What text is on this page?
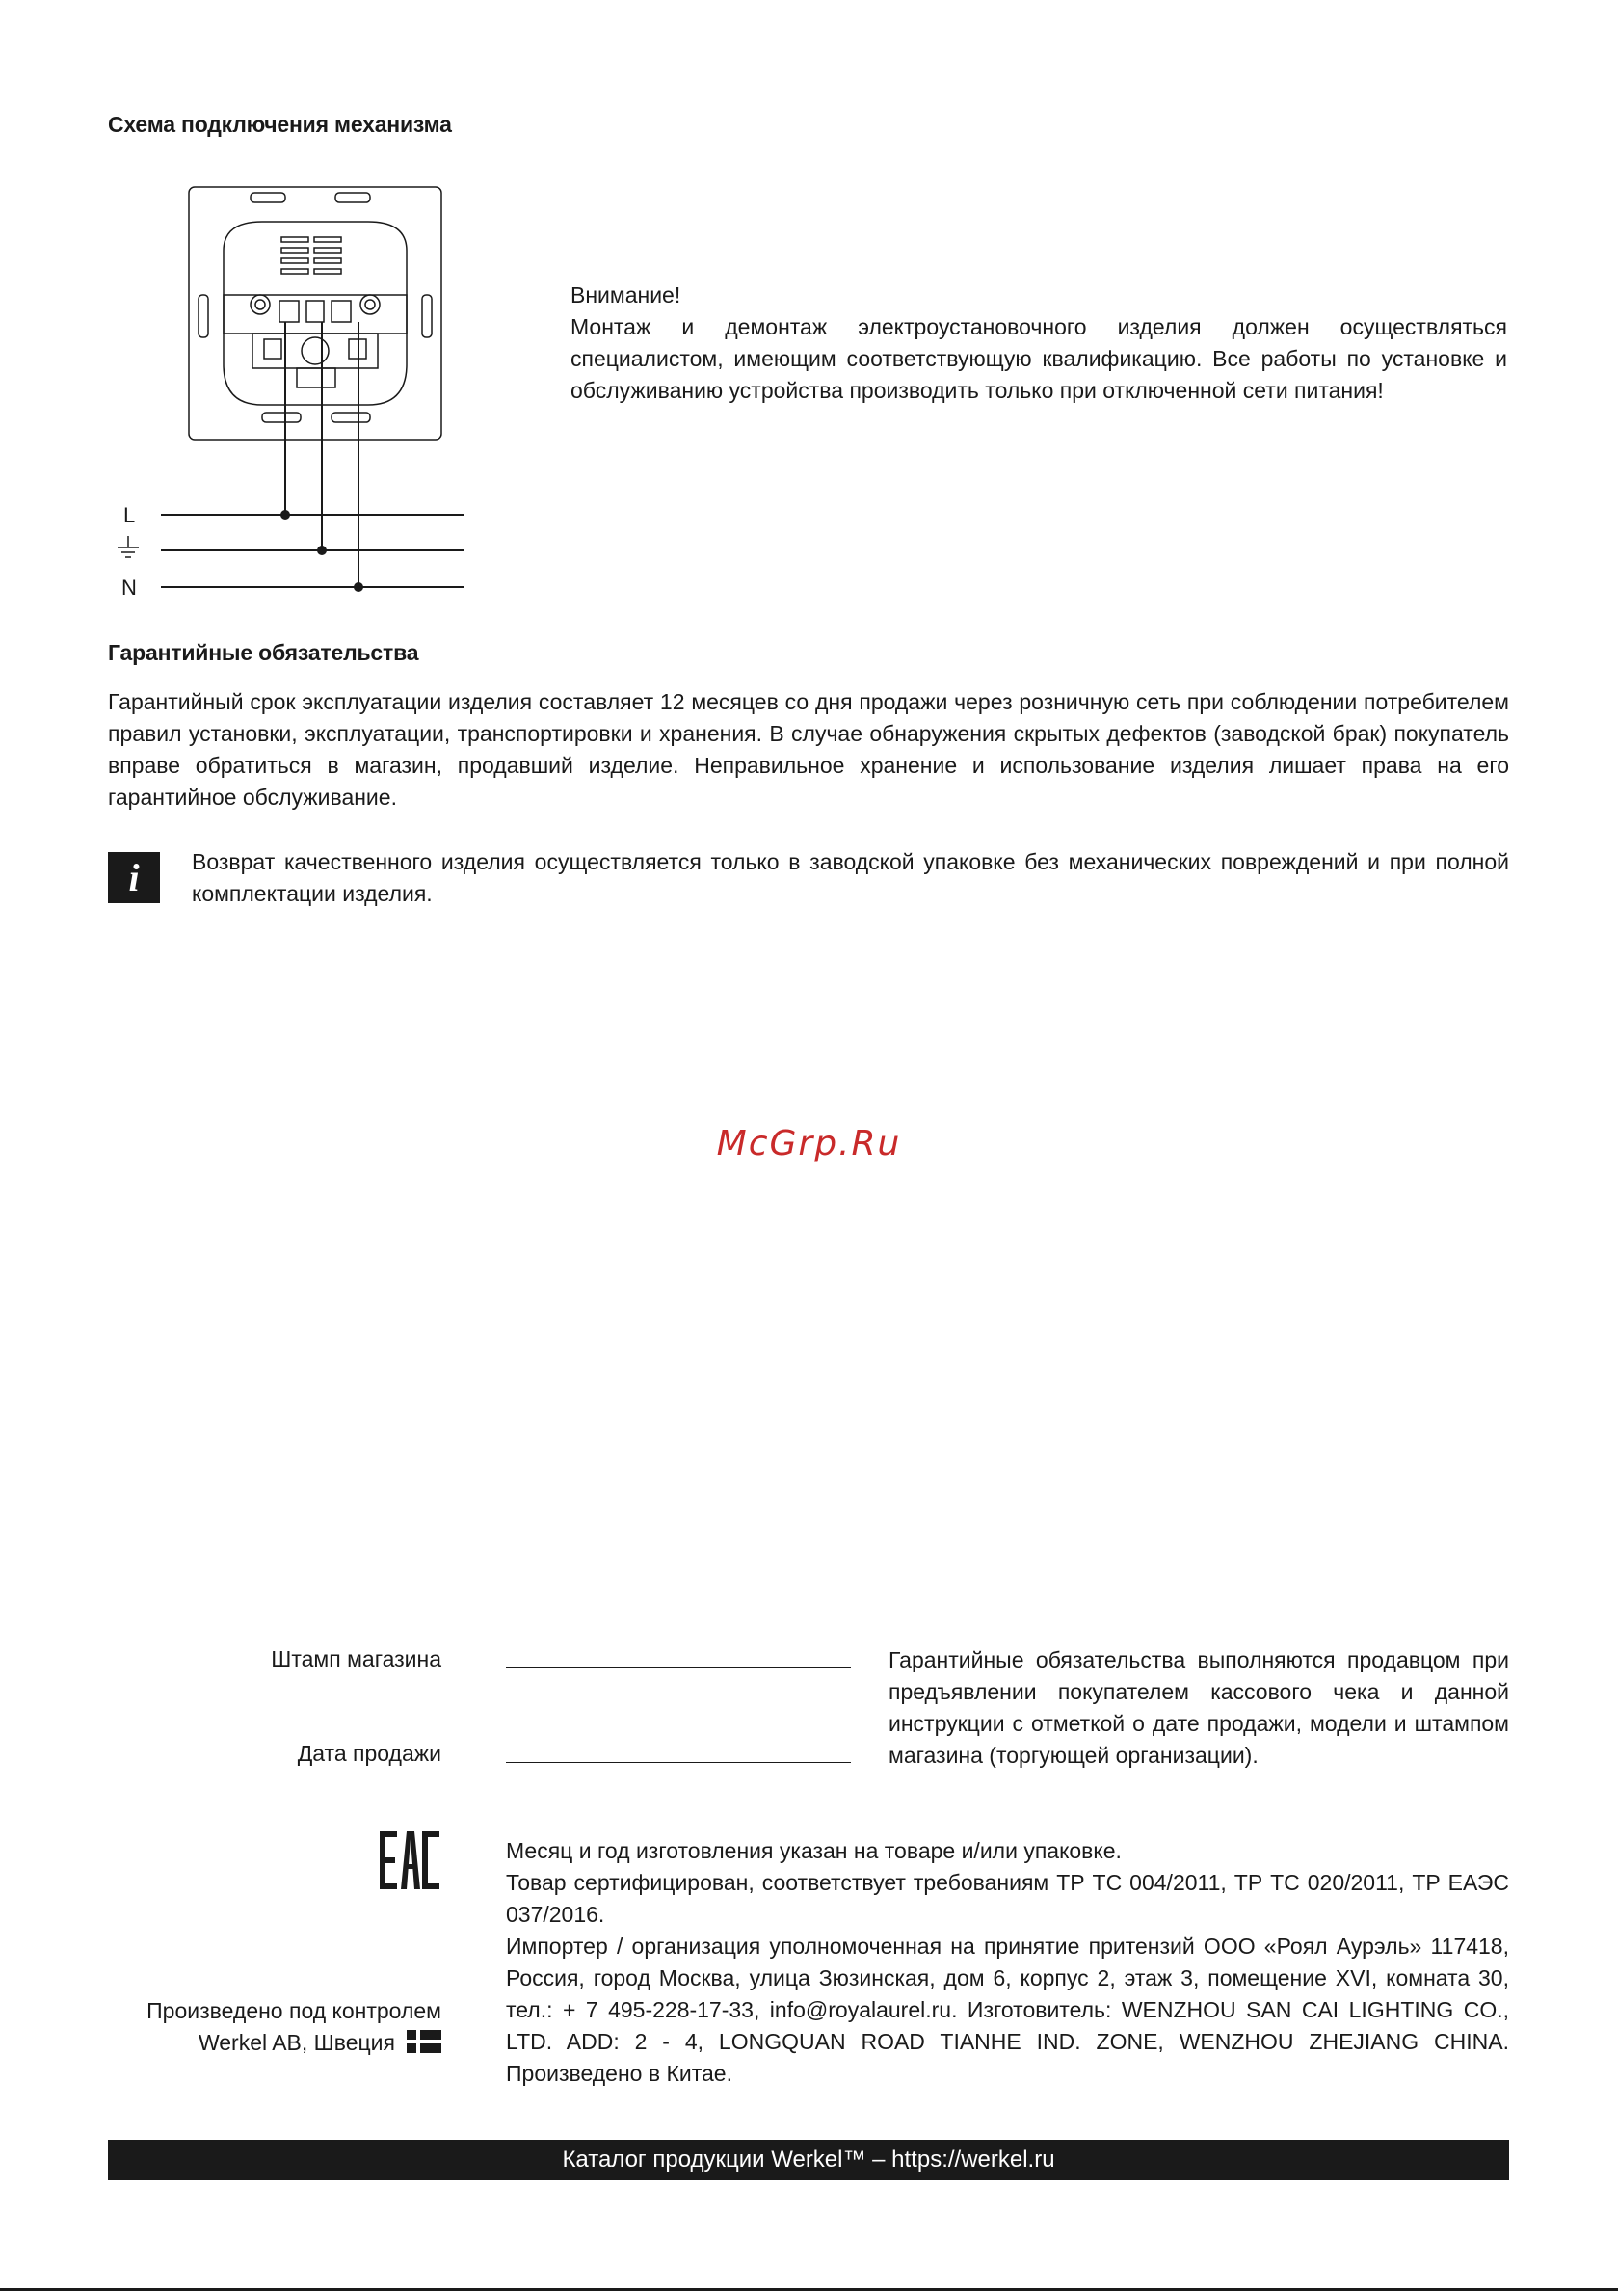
Схема подключения механизма
L
N
Внимание!
Монтаж и демонтаж электроустановочного изделия должен осуществляться специалистом, имеющим соответствующую квалификацию. Все работы по установке и обслуживанию устройства производить только при отключенной сети питания!
Гарантийные обязательства
Гарантийный срок эксплуатации изделия составляет 12 месяцев со дня продажи через розничную сеть при соблюдении потребителем правил установки, эксплуатации, транспортировки и хранения. В случае обнаружения скрытых дефектов (заводской брак) покупатель вправе обратиться в магазин, продавший изделие. Неправильное хранение и использование изделия лишает права на его гарантийное обслуживание.
i	Возврат качественного изделия осуществляется только в заводской упаковке без механических повреждений и при полной комплектации изделия.
McGrp.Ru
Штамп магазина
Дата продажи
Гарантийные обязательства выполняются продавцом при предъявлении покупателем кассового чека и данной инструкции с отметкой о дате продажи, модели и штампом магазина (торгующей организации).
Месяц и год изготовления указан на товаре и/или упаковке.
Товар сертифицирован, соответствует требованиям ТР ТС 004/2011, ТР ТС 020/2011, ТР ЕАЭС 037/2016.
Импортер / организация уполномоченная на принятие притензий ООО «Роял Аурэль» 117418, Россия, город Москва, улица Зюзинская, дом 6, корпус 2, этаж 3, помещение XVI, комната 30, тел.: + 7 495-228-17-33, info@royalaurel.ru. Изготовитель: WENZHOU SAN CAI LIGHTING CO., LTD. ADD: 2 - 4, LONGQUAN ROAD TIANHE IND. ZONE, WENZHOU ZHEJIANG CHINA. Произведено в Китае.
Произведено под контролем
Werkel AB, Швеция
Каталог продукции Werkel™ – https://werkel.ru
